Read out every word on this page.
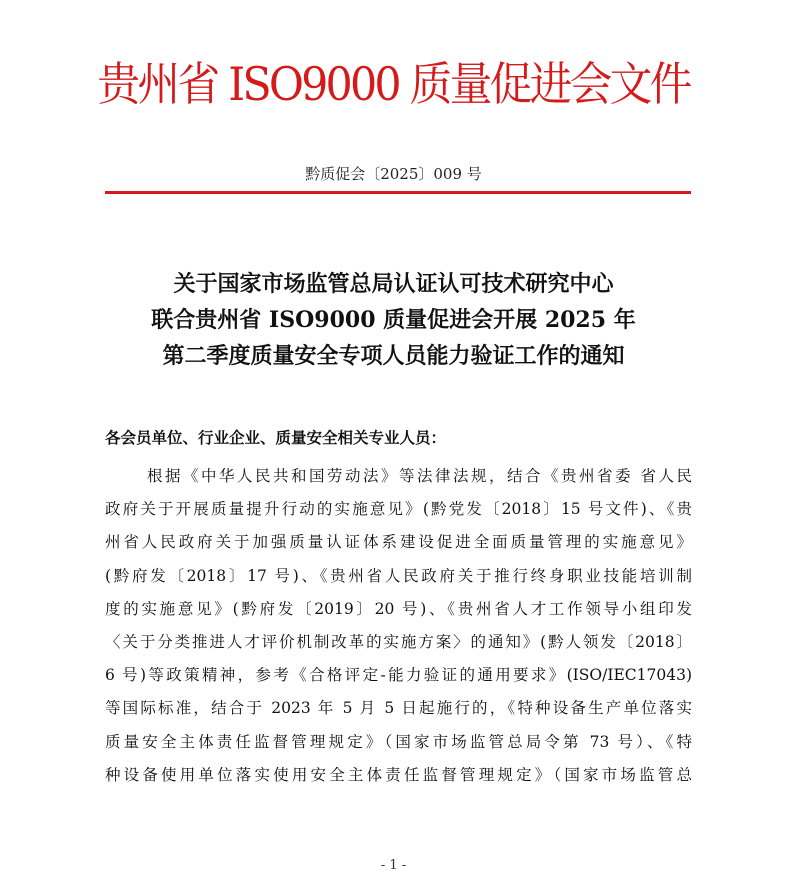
贵州省 ISO9000 质量促进会文件
黔质促会〔2025〕009 号
关于国家市场监管总局认证认可技术研究中心
联合贵州省 ISO9000 质量促进会开展 2025 年
第二季度质量安全专项人员能力验证工作的通知
各会员单位、行业企业、质量安全相关专业人员：
根据《中华人民共和国劳动法》等法律法规，结合《贵州省委 省人民
政府关于开展质量提升行动的实施意见》(黔党发〔2018〕15 号文件)、《贵
州省人民政府关于加强质量认证体系建设促进全面质量管理的实施意见》
(黔府发〔2018〕17 号)、《贵州省人民政府关于推行终身职业技能培训制
度的实施意见》(黔府发〔2019〕20 号)、《贵州省人才工作领导小组印发
〈关于分类推进人才评价机制改革的实施方案〉的通知》(黔人领发〔2018〕
6 号)等政策精神，参考《合格评定-能力验证的通用要求》(ISO/IEC17043)
等国际标准，结合于 2023 年 5 月 5 日起施行的，《特种设备生产单位落实
质量安全主体责任监督管理规定》（国家市场监管总局令第 73 号）、《特
种设备使用单位落实使用安全主体责任监督管理规定》（国家市场监管总
- 1 -
